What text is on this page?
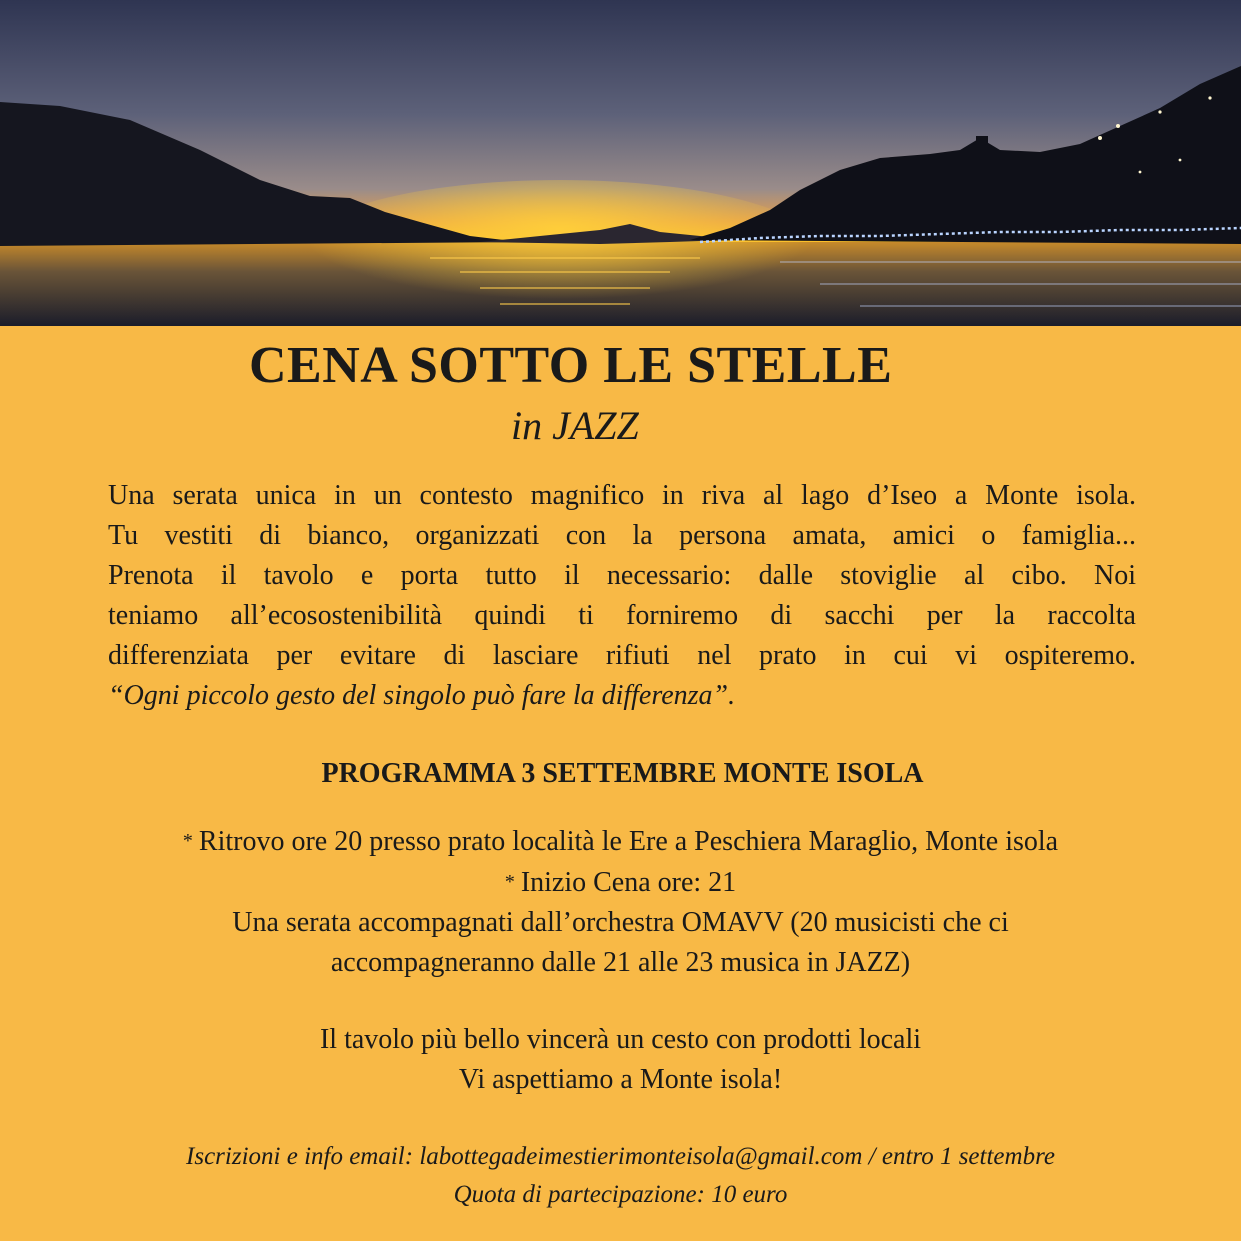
CENA SOTTO LE STELLE
in JAZZ

Una serata unica in un contesto magnifico in riva al lago d’Iseo a Monte isola.

Tu vestiti di bianco, organizzati con la persona amata, amici o famiglia...

Prenota il tavolo e porta tutto il necessario: dalle stoviglie al cibo. Noi

teniamo all’ecosostenibilità quindi ti forniremo di sacchi per la raccolta

differenziata per evitare di lasciare rifiuti nel prato in cui vi ospiteremo.

“Ogni piccolo gesto del singolo può fare la differenza”.

PROGRAMMA 3 SETTEMBRE MONTE ISOLA

* Ritrovo ore 20 presso prato località le Ere a Peschiera Maraglio, Monte isola

* Inizio Cena ore: 21

Una serata accompagnati dall’orchestra OMAVV (20 musicisti che ci

accompagneranno dalle 21 alle 23 musica in JAZZ)

Il tavolo più bello vincerà un cesto con prodotti locali

Vi aspettiamo a Monte isola!

Iscrizioni e info email: labottegadeimestierimonteisola@gmail.com / entro 1 settembre

Quota di partecipazione: 10 euro
